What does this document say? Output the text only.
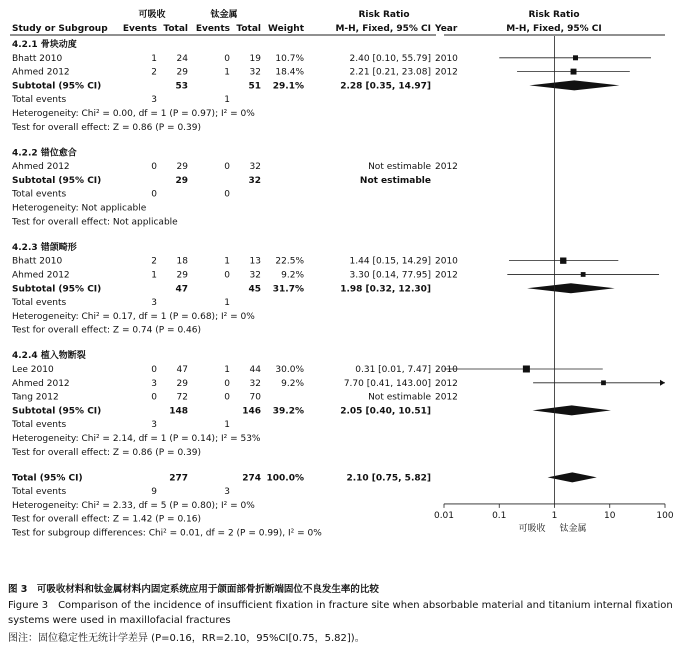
可吸收	钛金属	Risk Ratio	Risk Ratio
Study or Subgroup Events Total Events Total Weight	M-H, Fixed, 95% CI Year	M-H, Fixed, 95% CI
4.2.1 骨块动度
Bhatt 2010	1 24	0 19 10.7%	2.40 [0.10, 55.79] 2010
Ahmed 2012	2 29	1 32 18.4%	2.21 [0.21, 23.08] 2012
Subtotal (95% CI)	53	51 29.1%	2.28 [0.35, 14.97]
Total events	3	1
Heterogeneity: Chi² = 0.00, df = 1 (P = 0.97); I² = 0%
Test for overall effect: Z = 0.86 (P = 0.39)
4.2.2 错位愈合
Ahmed 2012	0 29	0 32	Not estimable 2012
Subtotal (95% CI)	29	32	Not estimable
Total events	0	0
Heterogeneity: Not applicable
Test for overall effect: Not applicable
4.2.3 错颌畸形
Bhatt 2010	2 18	1 13 22.5%	1.44 [0.15, 14.29] 2010
Ahmed 2012	1 29	0 32 9.2%	3.30 [0.14, 77.95] 2012
Subtotal (95% CI)	47	45 31.7%	1.98 [0.32, 12.30]
Total events	3	1
Heterogeneity: Chi² = 0.17, df = 1 (P = 0.68); I² = 0%
Test for overall effect: Z = 0.74 (P = 0.46)
4.2.4 植入物断裂
Lee 2010	0 47	1 44 30.0%	0.31 [0.01, 7.47] 2010
Ahmed 2012	3 29	0 32 9.2%	7.70 [0.41, 143.00] 2012
Tang 2012	0 72	0 70	Not estimable 2012
Subtotal (95% CI)	148	146 39.2%	2.05 [0.40, 10.51]
Total events	3	1
Heterogeneity: Chi² = 2.14, df = 1 (P = 0.14); I² = 53%
Test for overall effect: Z = 0.86 (P = 0.39)
Total (95% CI)	277	274 100.0%	2.10 [0.75, 5.82]
Total events	9	3
Heterogeneity: Chi² = 2.33, df = 5 (P = 0.80); I² = 0%
Test for overall effect: Z = 1.42 (P = 0.16)
Test for subgroup differences: Chi² = 0.01, df = 2 (P = 0.99), I² = 0%
0.01	0.1	1	10	100
可吸收 钛金属
图 3　可吸收材料和钛金属材料内固定系统应用于颌面部骨折断端固位不良发生率的比较
Figure 3　Comparison of the incidence of insufficient fixation in fracture site when absorbable material and titanium internal fixation systems were used in maxillofacial fractures
图注：固位稳定性无统计学差异 (P=0.16，RR=2.10，95%CI[0.75，5.82])。
